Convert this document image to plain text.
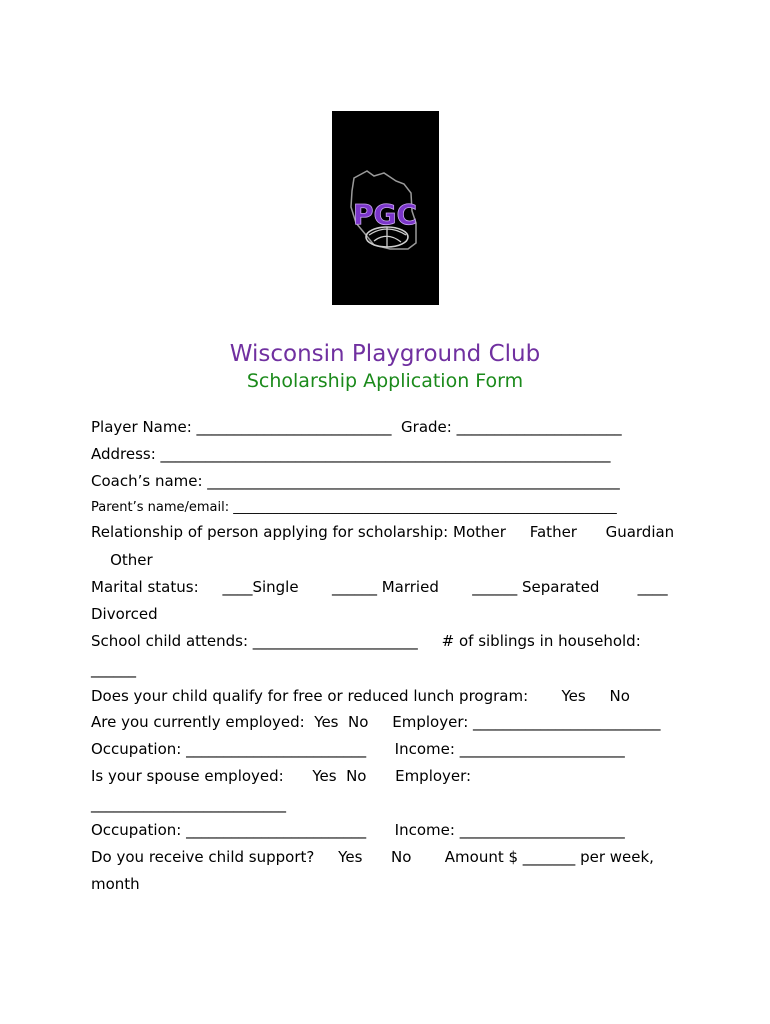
PGC
Wisconsin Playground Club
Scholarship Application Form
Player Name: __________________________  Grade: ______________________
Address: ____________________________________________________________
Coach’s name: _______________________________________________________
Parent’s name/email: ___________________________________________________________
Relationship of person applying for scholarship: Mother     Father      Guardian
Other
Marital status:     ____Single       ______ Married       ______ Separated        ____
Divorced
School child attends: ______________________     # of siblings in household:
______
Does your child qualify for free or reduced lunch program:       Yes     No
Are you currently employed:  Yes  No     Employer: _________________________
Occupation: ________________________      Income: ______________________
Is your spouse employed:      Yes  No      Employer:
__________________________
Occupation: ________________________      Income: ______________________
Do you receive child support?     Yes      No       Amount $ _______ per week,
month
